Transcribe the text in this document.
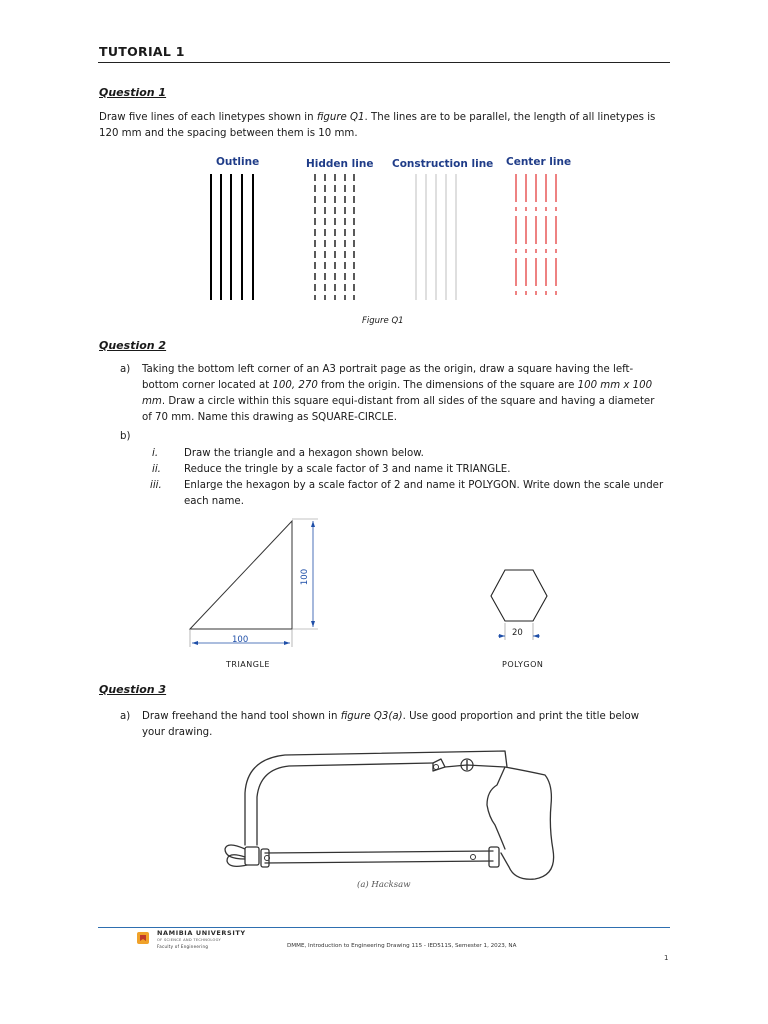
TUTORIAL 1
Question 1
Draw five lines of each linetypes shown in figure Q1. The lines are to be parallel, the length of all linetypes is
120 mm and the spacing between them is 10 mm.
Outline	Hidden line Construction line Center line
Figure Q1
Question 2
a) Taking the bottom left corner of an A3 portrait page as the origin, draw a square having the left-
bottom corner located at 100, 270 from the origin. The dimensions of the square are 100 mm x 100
mm. Draw a circle within this square equi-distant from all sides of the square and having a diameter
of 70 mm. Name this drawing as SQUARE-CIRCLE.
b)
i.	Draw the triangle and a hexagon shown below.
ii. Reduce the tringle by a scale factor of 3 and name it TRIANGLE.
iii. Enlarge the hexagon by a scale factor of 2 and name it POLYGON. Write down the scale under
each name.
100
100
TRIANGLE
20
POLYGON
Question 3
a) Draw freehand the hand tool shown in figure Q3(a). Use good proportion and print the title below
your drawing.
(a) Hacksaw
NAMIBIA UNIVERSITY
OF SCIENCE AND TECHNOLOGY
Faculty of Engineering	DMME, Introduction to Engineering Drawing 115 - IED511S, Semester 1, 2023, NA
1
